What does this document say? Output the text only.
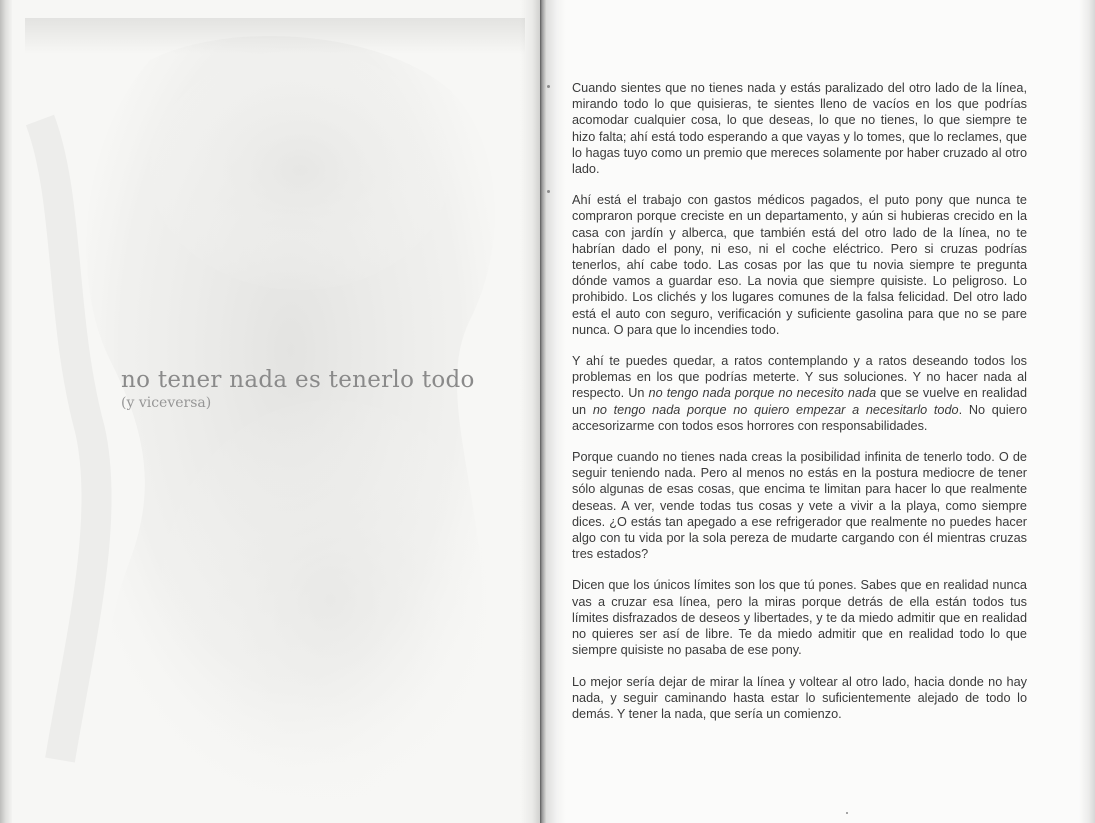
no tener nada es tenerlo todo
(y viceversa)

Cuando sientes que no tienes nada y estás paralizado del otro lado de la línea, mirando todo lo que quisieras, te sientes lleno de vacíos en los que podrías acomodar cualquier cosa, lo que deseas, lo que no tienes, lo que siempre te hizo falta; ahí está todo esperando a que vayas y lo tomes, que lo reclames, que lo hagas tuyo como un premio que mereces solamente por haber cruzado al otro lado.

Ahí está el trabajo con gastos médicos pagados, el puto pony que nunca te compraron porque creciste en un departamento, y aún si hubieras crecido en la casa con jardín y alberca, que también está del otro lado de la línea, no te habrían dado el pony, ni eso, ni el coche eléctrico. Pero si cruzas podrías tenerlos, ahí cabe todo. Las cosas por las que tu novia siempre te pregunta dónde vamos a guardar eso. La novia que siempre quisiste. Lo peligroso. Lo prohibido. Los clichés y los lugares comunes de la falsa felicidad. Del otro lado está el auto con seguro, verificación y suficiente gasolina para que no se pare nunca. O para que lo incendies todo.

Y ahí te puedes quedar, a ratos contemplando y a ratos deseando todos los problemas en los que podrías meterte. Y sus soluciones. Y no hacer nada al respecto. Un no tengo nada porque no necesito nada que se vuelve en realidad un no tengo nada porque no quiero empezar a necesitarlo todo. No quiero accesorizarme con todos esos horrores con responsabilidades.

Porque cuando no tienes nada creas la posibilidad infinita de tenerlo todo. O de seguir teniendo nada. Pero al menos no estás en la postura mediocre de tener sólo algunas de esas cosas, que encima te limitan para hacer lo que realmente deseas. A ver, vende todas tus cosas y vete a vivir a la playa, como siempre dices. ¿O estás tan apegado a ese refrigerador que realmente no puedes hacer algo con tu vida por la sola pereza de mudarte cargando con él mientras cruzas tres estados?

Dicen que los únicos límites son los que tú pones. Sabes que en realidad nunca vas a cruzar esa línea, pero la miras porque detrás de ella están todos tus límites disfrazados de deseos y libertades, y te da miedo admitir que en realidad no quieres ser así de libre. Te da miedo admitir que en realidad todo lo que siempre quisiste no pasaba de ese pony.

Lo mejor sería dejar de mirar la línea y voltear al otro lado, hacia donde no hay nada, y seguir caminando hasta estar lo suficientemente alejado de todo lo demás. Y tener la nada, que sería un comienzo.
